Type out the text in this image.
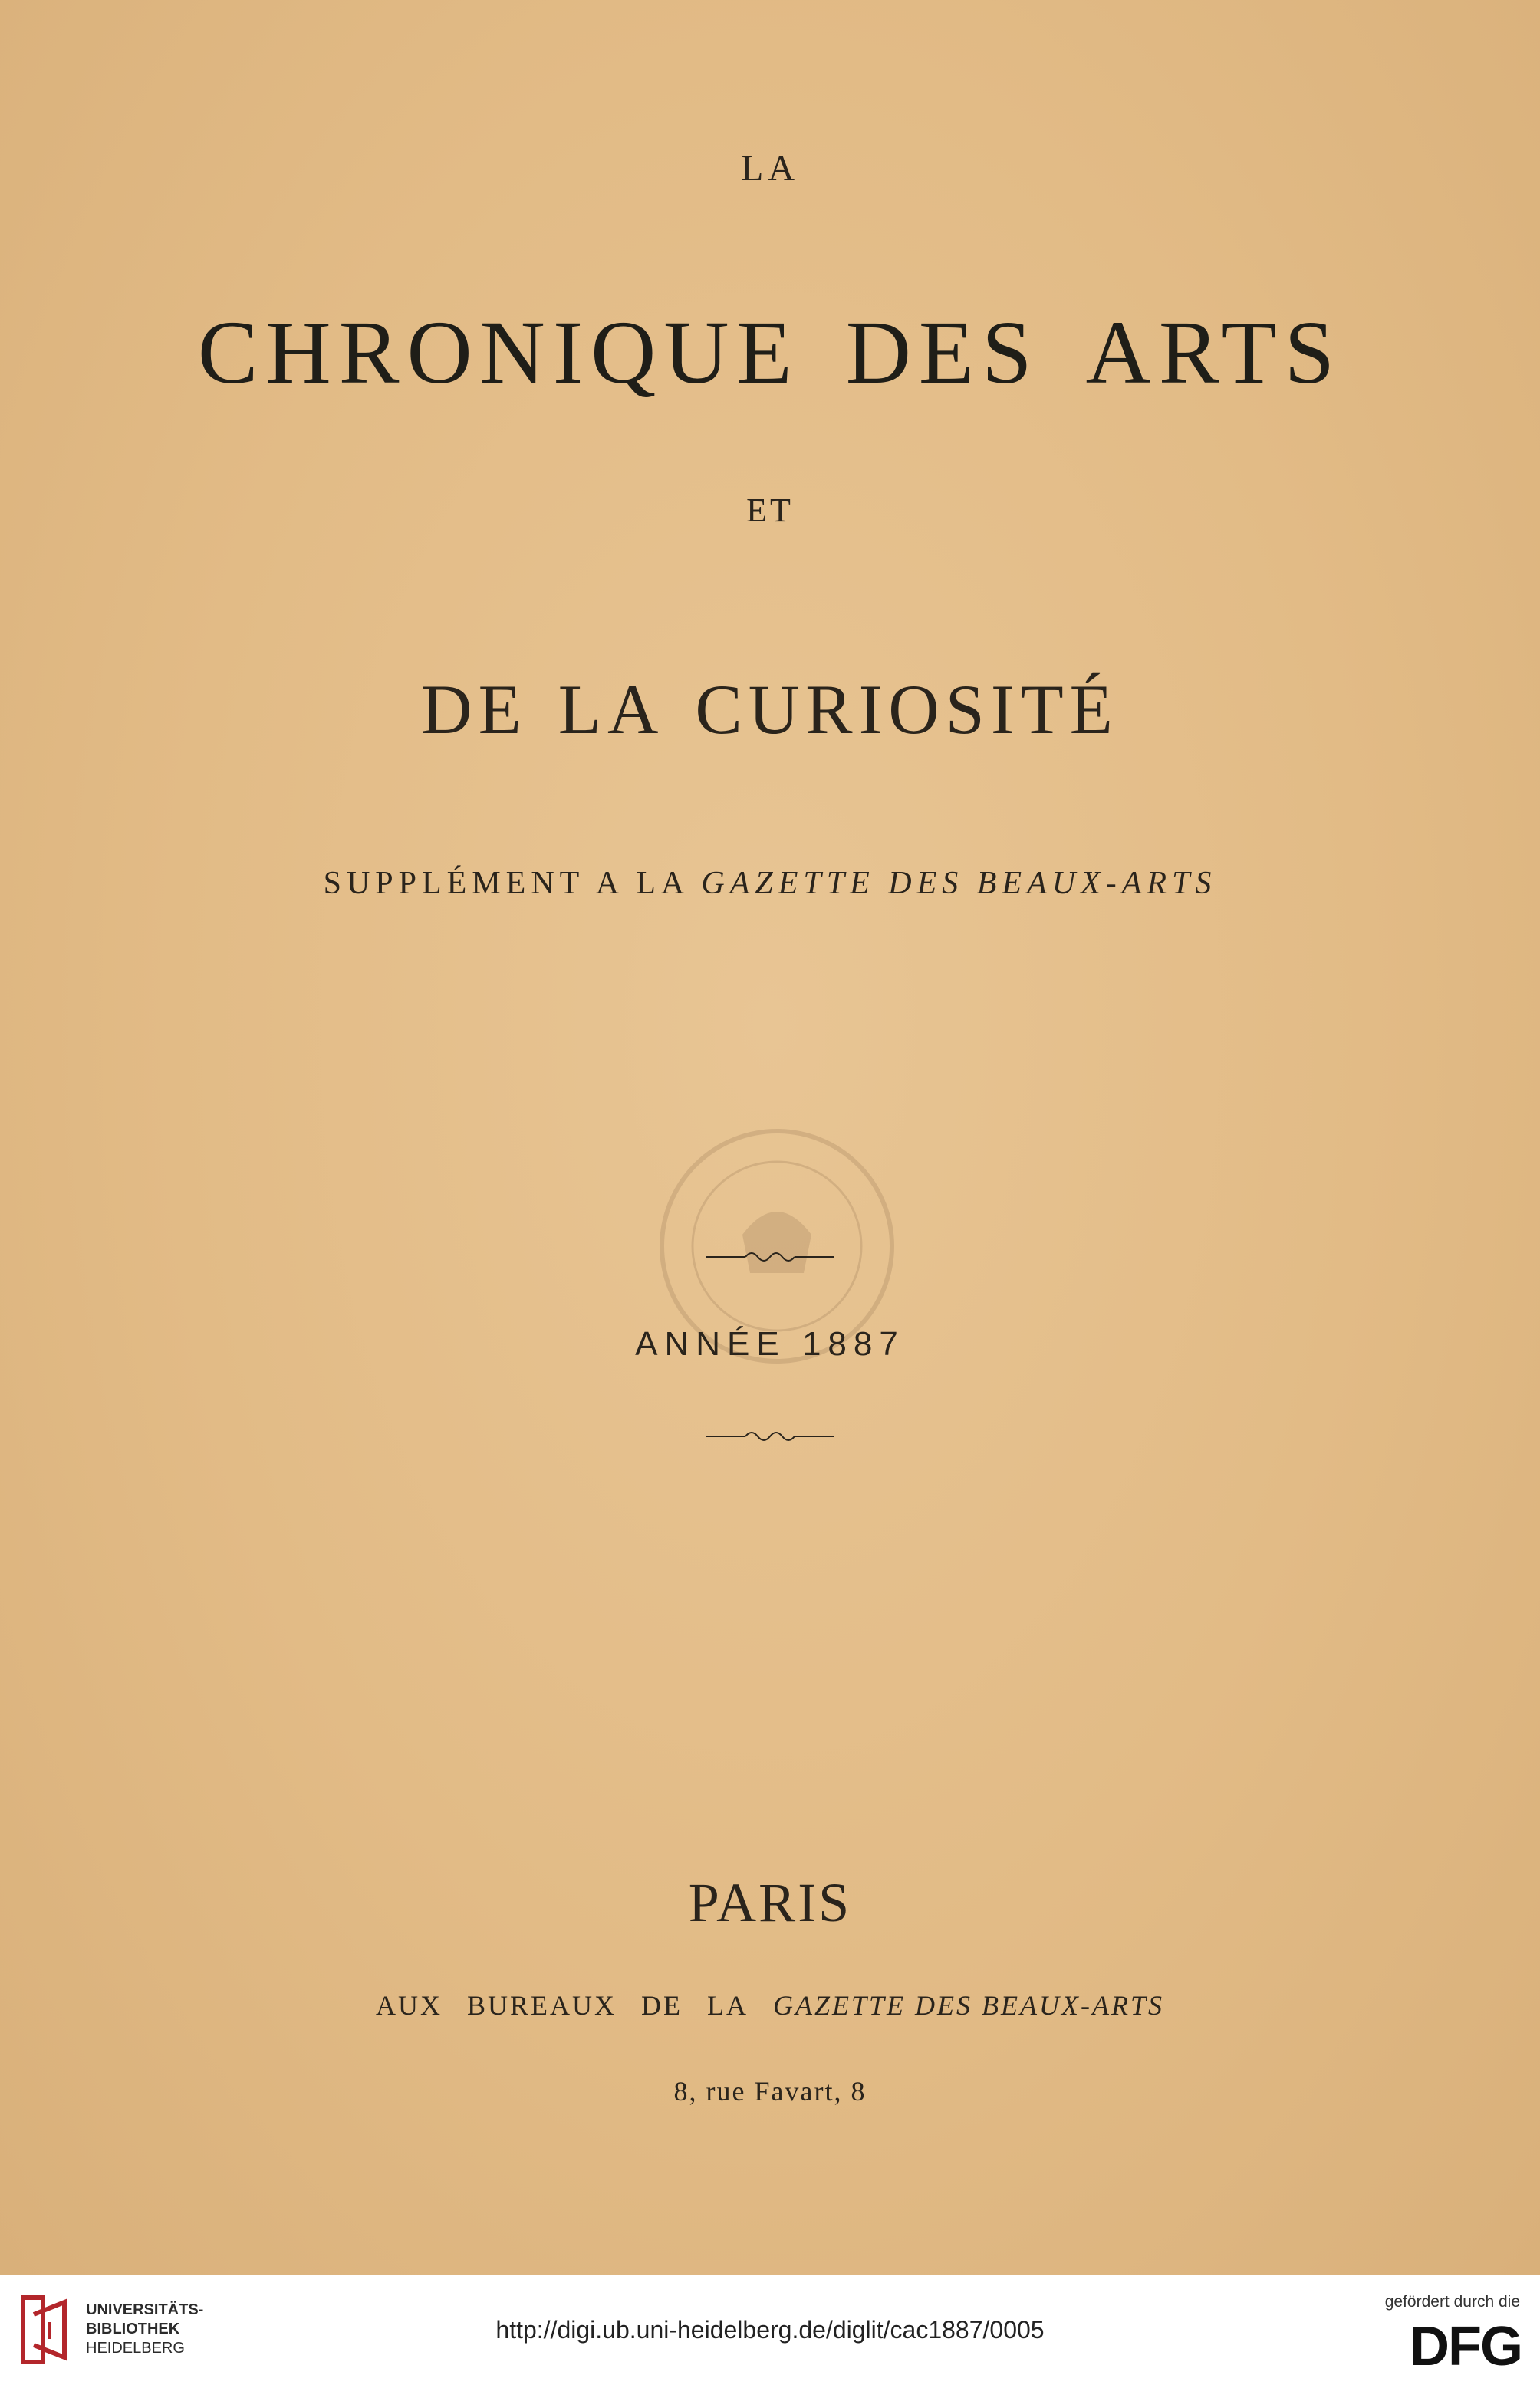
LA
CHRONIQUE DES ARTS
ET
DE LA CURIOSITÉ
SUPPLÉMENT A LA GAZETTE DES BEAUX-ARTS
ANNÉE 1887
PARIS
AUX BUREAUX DE LA GAZETTE DES BEAUX-ARTS
8, rue Favart, 8
UNIVERSITÄTS-
BIBLIOTHEK
HEIDELBERG
http://digi.ub.uni-heidelberg.de/diglit/cac1887/0005
gefördert durch die
DFG
